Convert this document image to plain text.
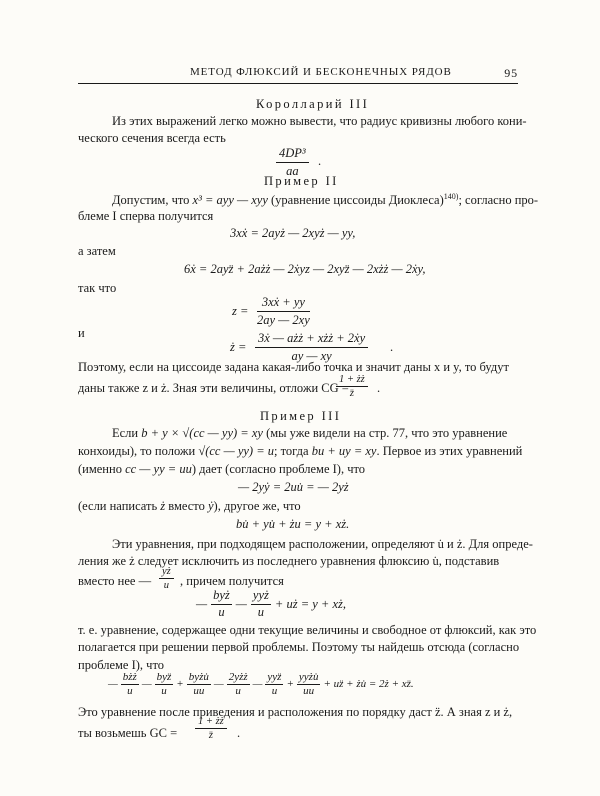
МЕТОД ФЛЮКСИЙ И БЕСКОНЕЧНЫХ РЯДОВ	95
Королларий III
Из этих выражений легко можно вывести, что радиус кривизны любого кони-
ческого сечения всегда есть
$\frac{\text{4DP³}}{aa}$ .
Пример II
Допустим, что x³ = ayy — xyy (уравнение циссоиды Диоклеса)$^{140)}$; согласно про-
блеме I сперва получится
3xẋ = 2ayż — 2xyż — yy,
а затем
6ẋ = 2ayz̈ + 2ażż — 2ẋyz — 2xyz̈ — 2xżż — 2ẋy,
так что
$z = \frac{\text{3xẋ + yy}}{2ay — 2xy}$
и
ż =
3ẋ — ażż + xżż + 2ẋy
ay — xy
.
Поэтому, если на циссоиде задана какая-либо точка и значит даны x и y, то будут
даны также z и ż. Зная эти величины, отложи CG =
$\frac{1 + żż}{z̈}$ .
Пример III
Если b + y × √(cc — yy) = xy (мы уже видели на стр. 77, что это уравнение
конхоиды), то положи √(cc — yy) = u; тогда bu + uy = xy. Первое из этих уравнений
(именно cc — yy = uu) дает (согласно проблеме I), что
— 2yẏ = 2uu̇ = — 2yż
(если написать ż вместо ẏ), другое же, что
bu̇ + yu̇ + żu = y + xż.
Эти уравнения, при подходящем расположении, определяют u̇ и ż. Для опреде-
ления же ż следует исключить из последнего уравнения флюксию u̇, подставив
вместо нее — $\frac{yż}{u}$ , причем получится
—
byż
u
—
yyż
u
+ uż = y + xż,
т. е. уравнение, содержащее одни текущие величины и свободное от флюксий, как это
полагается при решении первой проблемы. Поэтому ты найдешь отсюда (согласно
проблеме I), что
—
bżż
u
—
byz̈
u
+
byżu̇
uu
—
2yżż
u
—
yyz̈
u
+
yyżu̇
uu
+ uz̈ + żu̇ = 2ż + xz̈.
Это уравнение после приведения и расположения по порядку даст z̈. А зная z и ż,
ты возьмешь GC = $\frac{1 + żż}{z̈}$ .
